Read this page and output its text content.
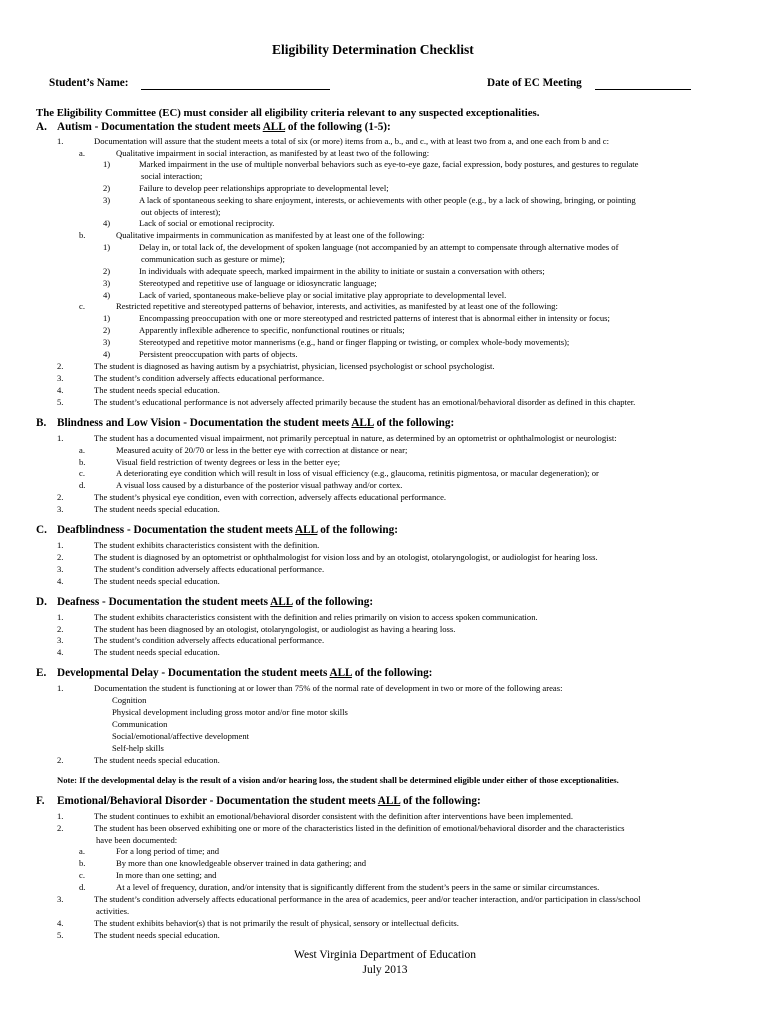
Eligibility Determination Checklist
Student’s Name:	Date of EC Meeting
The Eligibility Committee (EC) must consider all eligibility criteria relevant to any suspected exceptionalities.
A. Autism - Documentation the student meets ALL of the following (1-5):
1.	Documentation will assure that the student meets a total of six (or more) items from a., b., and c., with at least two from a, and one each from b and c:
a.	Qualitative impairment in social interaction, as manifested by at least two of the following:
1)	Marked impairment in the use of multiple nonverbal behaviors such as eye-to-eye gaze, facial expression, body postures, and gestures to regulate
social interaction;
2)	Failure to develop peer relationships appropriate to developmental level;
3)	A lack of spontaneous seeking to share enjoyment, interests, or achievements with other people (e.g., by a lack of showing, bringing, or pointing
out objects of interest);
4)	Lack of social or emotional reciprocity.
b.	Qualitative impairments in communication as manifested by at least one of the following:
1)	Delay in, or total lack of, the development of spoken language (not accompanied by an attempt to compensate through alternative modes of
communication such as gesture or mime);
2)	In individuals with adequate speech, marked impairment in the ability to initiate or sustain a conversation with others;
3)	Stereotyped and repetitive use of language or idiosyncratic language;
4)	Lack of varied, spontaneous make-believe play or social imitative play appropriate to developmental level.
c.	Restricted repetitive and stereotyped patterns of behavior, interests, and activities, as manifested by at least one of the following:
1)	Encompassing preoccupation with one or more stereotyped and restricted patterns of interest that is abnormal either in intensity or focus;
2)	Apparently inflexible adherence to specific, nonfunctional routines or rituals;
3)	Stereotyped and repetitive motor mannerisms (e.g., hand or finger flapping or twisting, or complex whole-body movements);
4)	Persistent preoccupation with parts of objects.
2.	The student is diagnosed as having autism by a psychiatrist, physician, licensed psychologist or school psychologist.
3.	The student’s condition adversely affects educational performance.
4.	The student needs special education.
5.	The student’s educational performance is not adversely affected primarily because the student has an emotional/behavioral disorder as defined in this chapter.
B. Blindness and Low Vision - Documentation the student meets ALL of the following:
1.	The student has a documented visual impairment, not primarily perceptual in nature, as determined by an optometrist or ophthalmologist or neurologist:
a.	Measured acuity of 20/70 or less in the better eye with correction at distance or near;
b.	Visual field restriction of twenty degrees or less in the better eye;
c.	A deteriorating eye condition which will result in loss of visual efficiency (e.g., glaucoma, retinitis pigmentosa, or macular degeneration); or
d.	A visual loss caused by a disturbance of the posterior visual pathway and/or cortex.
2.	The student’s physical eye condition, even with correction, adversely affects educational performance.
3.	The student needs special education.
C. Deafblindness - Documentation the student meets ALL of the following:
1.	The student exhibits characteristics consistent with the definition.
2.	The student is diagnosed by an optometrist or ophthalmologist for vision loss and by an otologist, otolaryngologist, or audiologist for hearing loss.
3.	The student’s condition adversely affects educational performance.
4.	The student needs special education.
D. Deafness - Documentation the student meets ALL of the following:
1.	The student exhibits characteristics consistent with the definition and relies primarily on vision to access spoken communication.
2.	The student has been diagnosed by an otologist, otolaryngologist, or audiologist as having a hearing loss.
3.	The student’s condition adversely affects educational performance.
4.	The student needs special education.
E. Developmental Delay - Documentation the student meets ALL of the following:
1.	Documentation the student is functioning at or lower than 75% of the normal rate of development in two or more of the following areas:
Cognition
Physical development including gross motor and/or fine motor skills
Communication
Social/emotional/affective development
Self-help skills
2.	The student needs special education.
Note: If the developmental delay is the result of a vision and/or hearing loss, the student shall be determined eligible under either of those exceptionalities.
F. Emotional/Behavioral Disorder - Documentation the student meets ALL of the following:
1.	The student continues to exhibit an emotional/behavioral disorder consistent with the definition after interventions have been implemented.
2.	The student has been observed exhibiting one or more of the characteristics listed in the definition of emotional/behavioral disorder and the characteristics
have been documented:
a.	For a long period of time; and
b.	By more than one knowledgeable observer trained in data gathering; and
c.	In more than one setting; and
d.	At a level of frequency, duration, and/or intensity that is significantly different from the student’s peers in the same or similar circumstances.
3.	The student’s condition adversely affects educational performance in the area of academics, peer and/or teacher interaction, and/or participation in class/school
activities.
4.	The student exhibits behavior(s) that is not primarily the result of physical, sensory or intellectual deficits.
5.	The student needs special education.
West Virginia Department of Education
July 2013
